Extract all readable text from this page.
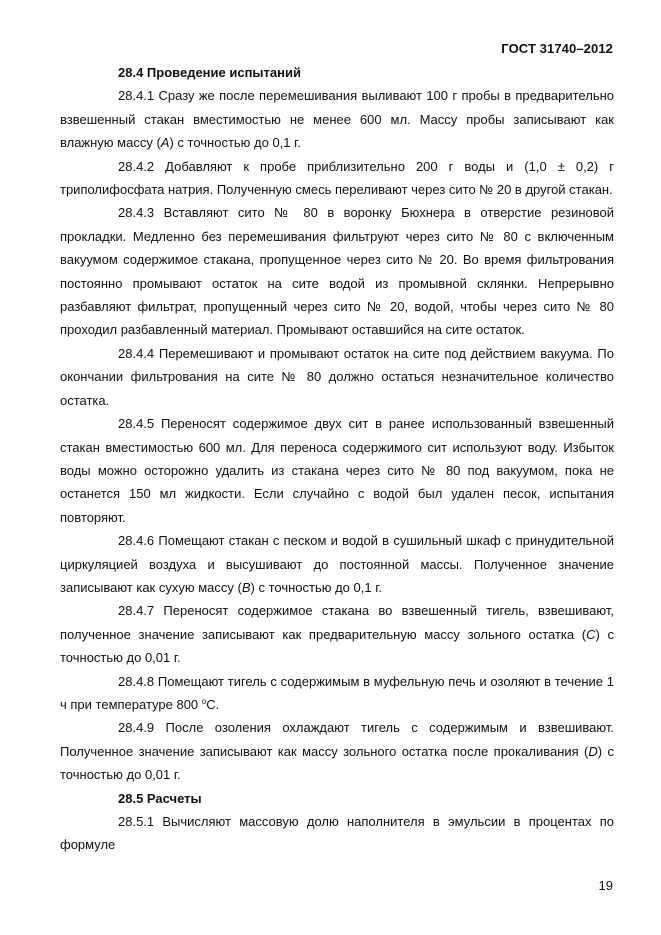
ГОСТ 31740–2012

28.4 Проведение испытаний

28.4.1 Сразу же после перемешивания выливают 100 г пробы в предварительно взвешенный стакан вместимостью не менее 600 мл. Массу пробы записывают как влажную массу (A) с точностью до 0,1 г.

28.4.2 Добавляют к пробе приблизительно 200 г воды и (1,0 ± 0,2) г триполифосфата натрия. Полученную смесь переливают через сито № 20 в другой стакан.

28.4.3 Вставляют сито № 80 в воронку Бюхнера в отверстие резиновой прокладки. Медленно без перемешивания фильтруют через сито № 80 с включенным вакуумом содержимое стакана, пропущенное через сито № 20. Во время фильтрования постоянно промывают остаток на сите водой из промывной склянки. Непрерывно разбавляют фильтрат, пропущенный через сито № 20, водой, чтобы через сито № 80 проходил разбавленный материал. Промывают оставшийся на сите остаток.

28.4.4 Перемешивают и промывают остаток на сите под действием вакуума. По окончании фильтрования на сите № 80 должно остаться незначительное количество остатка.

28.4.5 Переносят содержимое двух сит в ранее использованный взвешенный стакан вместимостью 600 мл. Для переноса содержимого сит используют воду. Избыток воды можно осторожно удалить из стакана через сито № 80 под вакуумом, пока не останется 150 мл жидкости. Если случайно с водой был удален песок, испытания повторяют.

28.4.6 Помещают стакан с песком и водой в сушильный шкаф с принудительной циркуляцией воздуха и высушивают до постоянной массы. Полученное значение записывают как сухую массу (B) с точностью до 0,1 г.

28.4.7 Переносят содержимое стакана во взвешенный тигель, взвешивают, полученное значение записывают как предварительную массу зольного остатка (C) с точностью до 0,01 г.

28.4.8 Помещают тигель с содержимым в муфельную печь и озоляют в течение 1 ч при температуре 800 $^o$С.

28.4.9 После озоления охлаждают тигель с содержимым и взвешивают. Полученное значение записывают как массу зольного остатка после прокаливания (D) с точностью до 0,01 г.

28.5 Расчеты

28.5.1 Вычисляют массовую долю наполнителя в эмульсии в процентах по формуле

19
